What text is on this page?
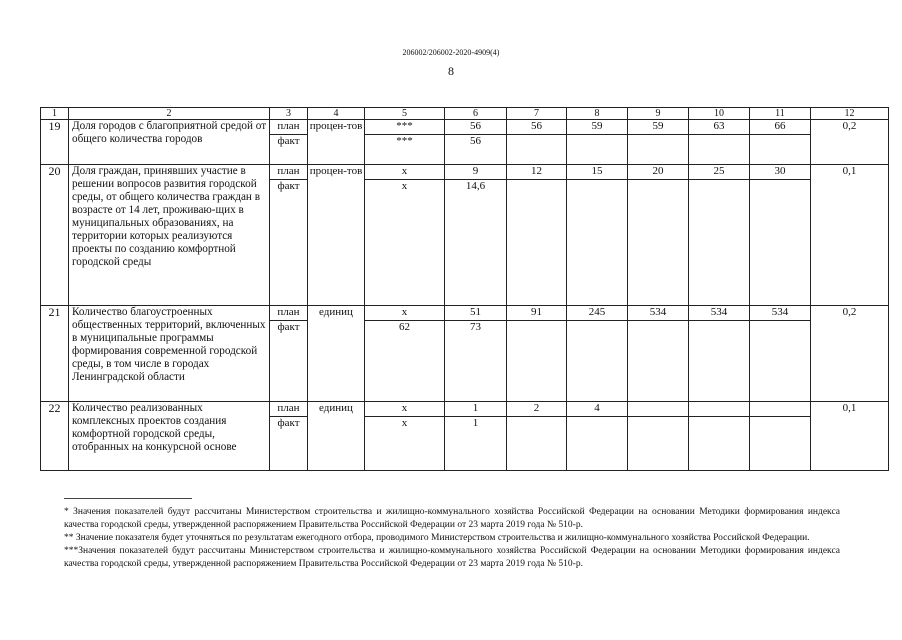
206002/206002-2020-4909(4)
8
1	2	3	4	5	6	7	8	9	10	11	12
19	Доля городов с благоприятной средой от общего количества городов	план	процен-тов	***	56	56	59	59	63	66	0,2
		факт		***	56						
20	Доля граждан, принявших участие в решении вопросов развития городской среды, от общего количества граждан в возрасте от 14 лет, проживаю-щих в муниципальных образованиях, на территории которых реализуются проекты по созданию комфортной городской среды	план	процен-тов	x	9	12	15	20	25	30	0,1
		факт		x	14,6						
21	Количество благоустроенных общественных территорий, включенных в муниципальные программы формирования современной городской среды, в том числе в городах Ленинградской области	план	единиц	x	51	91	245	534	534	534	0,2
		факт		62	73						
22	Количество реализованных комплексных проектов создания комфортной городской среды, отобранных на конкурсной основе	план	единиц	x	1	2	4				0,1
		факт		x	1						

* Значения показателей будут рассчитаны Министерством строительства и жилищно-коммунального хозяйства Российской Федерации на основании Методики формирования индекса качества городской среды, утвержденной распоряжением Правительства Российской Федерации от 23 марта 2019 года № 510-р.

** Значение показателя будет уточняться по результатам ежегодного отбора, проводимого Министерством строительства и жилищно-коммунального хозяйства Российской Федерации.

***Значения показателей будут рассчитаны Министерством строительства и жилищно-коммунального хозяйства Российской Федерации на основании Методики формирования индекса качества городской среды, утвержденной распоряжением Правительства Российской Федерации от 23 марта 2019 года № 510-р.
